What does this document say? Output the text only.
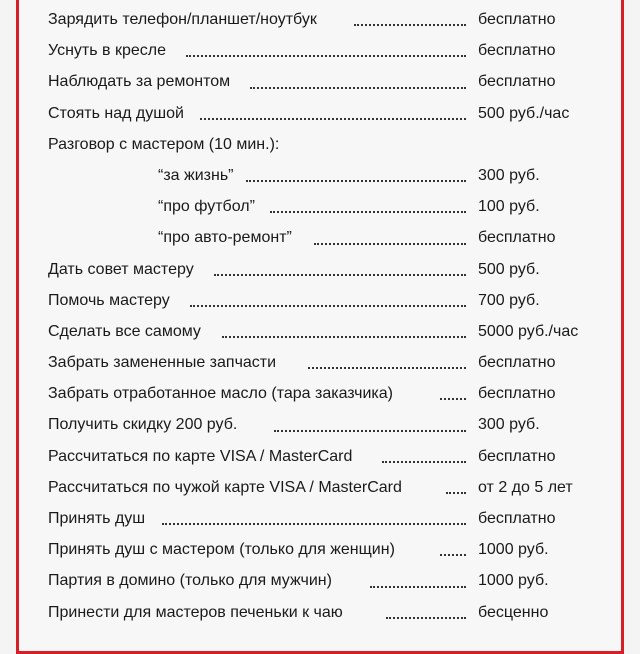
Зарядить телефон/планшет/ноутбук	бесплатно
Уснуть в кресле	бесплатно
Наблюдать за ремонтом	бесплатно
Стоять над душой	500 руб./час
Разговор с мастером (10 мин.):
“за жизнь”	300 руб.
“про футбол”	100 руб.
“про авто-ремонт”	бесплатно
Дать совет мастеру	500 руб.
Помочь мастеру	700 руб.
Сделать все самому	5000 руб./час
Забрать замененные запчасти	бесплатно
Забрать отработанное масло (тара заказчика)	бесплатно
Получить скидку 200 руб.	300 руб.
Рассчитаться по карте VISA / MasterCard	бесплатно
Рассчитаться по чужой карте VISA / MasterCard	от 2 до 5 лет
Принять душ	бесплатно
Принять душ с мастером (только для женщин)	1000 руб.
Партия в домино (только для мужчин)	1000 руб.
Принести для мастеров печеньки к чаю	бесценно
